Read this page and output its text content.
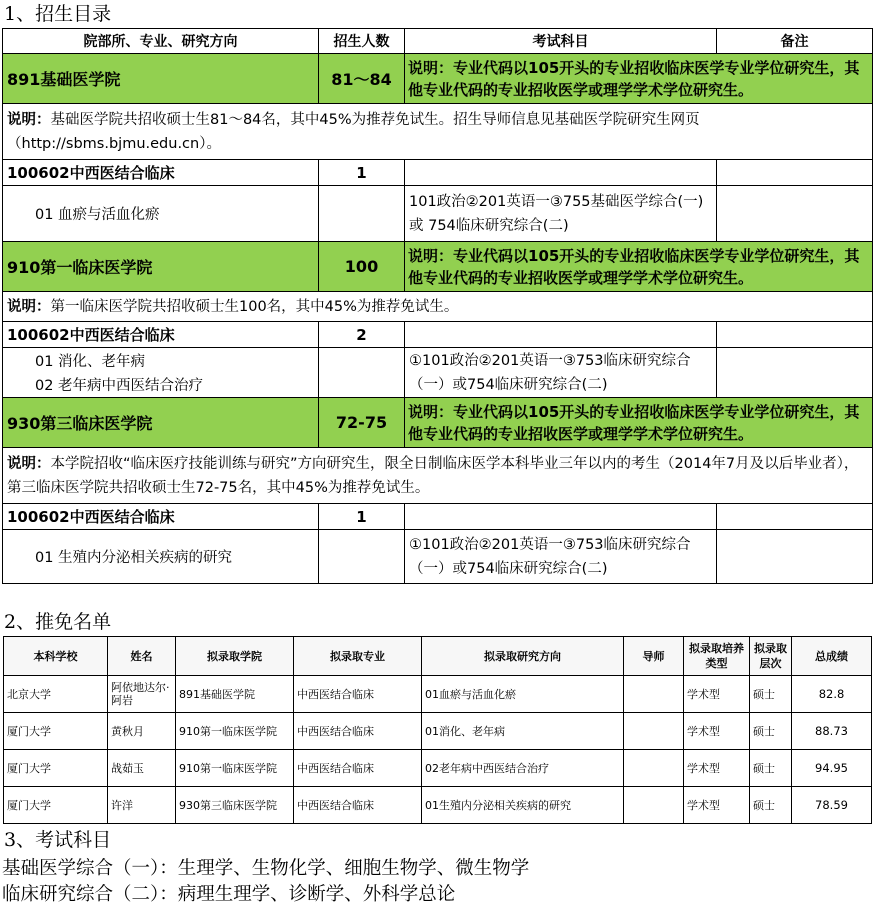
1、招生目录
院部所、专业、研究方向	招生人数	考试科目	备注
891基础医学院	81～84	说明：专业代码以105开头的专业招收临床医学专业学位研究生，其他专业代码的专业招收医学或理学学术学位研究生。	
说明：基础医学院共招收硕士生81～84名，其中45%为推荐免试生。招生导师信息见基础医学院研究生网页（http://sbms.bjmu.edu.cn）。			
100602中西医结合临床	1		
01 血瘀与活血化瘀		101政治②201英语一③755基础医学综合(一) 或 754临床研究综合(二)	
910第一临床医学院	100	说明：专业代码以105开头的专业招收临床医学专业学位研究生，其他专业代码的专业招收医学或理学学术学位研究生。	
说明：第一临床医学院共招收硕士生100名，其中45%为推荐免试生。			
100602中西医结合临床	2		
01 消化、老年病		①101政治②201英语一③753临床研究综合（一）或754临床研究综合(二)	
02 老年病中西医结合治疗			
930第三临床医学院	72-75	说明：专业代码以105开头的专业招收临床医学专业学位研究生，其他专业代码的专业招收医学或理学学术学位研究生。	
说明：本学院招收“临床医疗技能训练与研究”方向研究生，限全日制临床医学本科毕业三年以内的考生（2014年7月及以后毕业者），第三临床医学院共招收硕士生72-75名，其中45%为推荐免试生。			
100602中西医结合临床	1		
01 生殖内分泌相关疾病的研究		①101政治②201英语一③753临床研究综合（一）或754临床研究综合(二)	
2、推免名单
本科学校	姓名	拟录取学院	拟录取专业	拟录取研究方向	导师	拟录取培养类型	拟录取层次	总成绩
北京大学	阿依地达尔·阿岩	891基础医学院	中西医结合临床	01血瘀与活血化瘀		学术型	硕士	82.8
厦门大学	黄秋月	910第一临床医学院	中西医结合临床	01消化、老年病		学术型	硕士	88.73
厦门大学	战茹玉	910第一临床医学院	中西医结合临床	02老年病中西医结合治疗		学术型	硕士	94.95
厦门大学	许洋	930第三临床医学院	中西医结合临床	01生殖内分泌相关疾病的研究		学术型	硕士	78.59
3、考试科目
基础医学综合（一）：生理学、生物化学、细胞生物学、微生物学
临床研究综合（二）：病理生理学、诊断学、外科学总论
